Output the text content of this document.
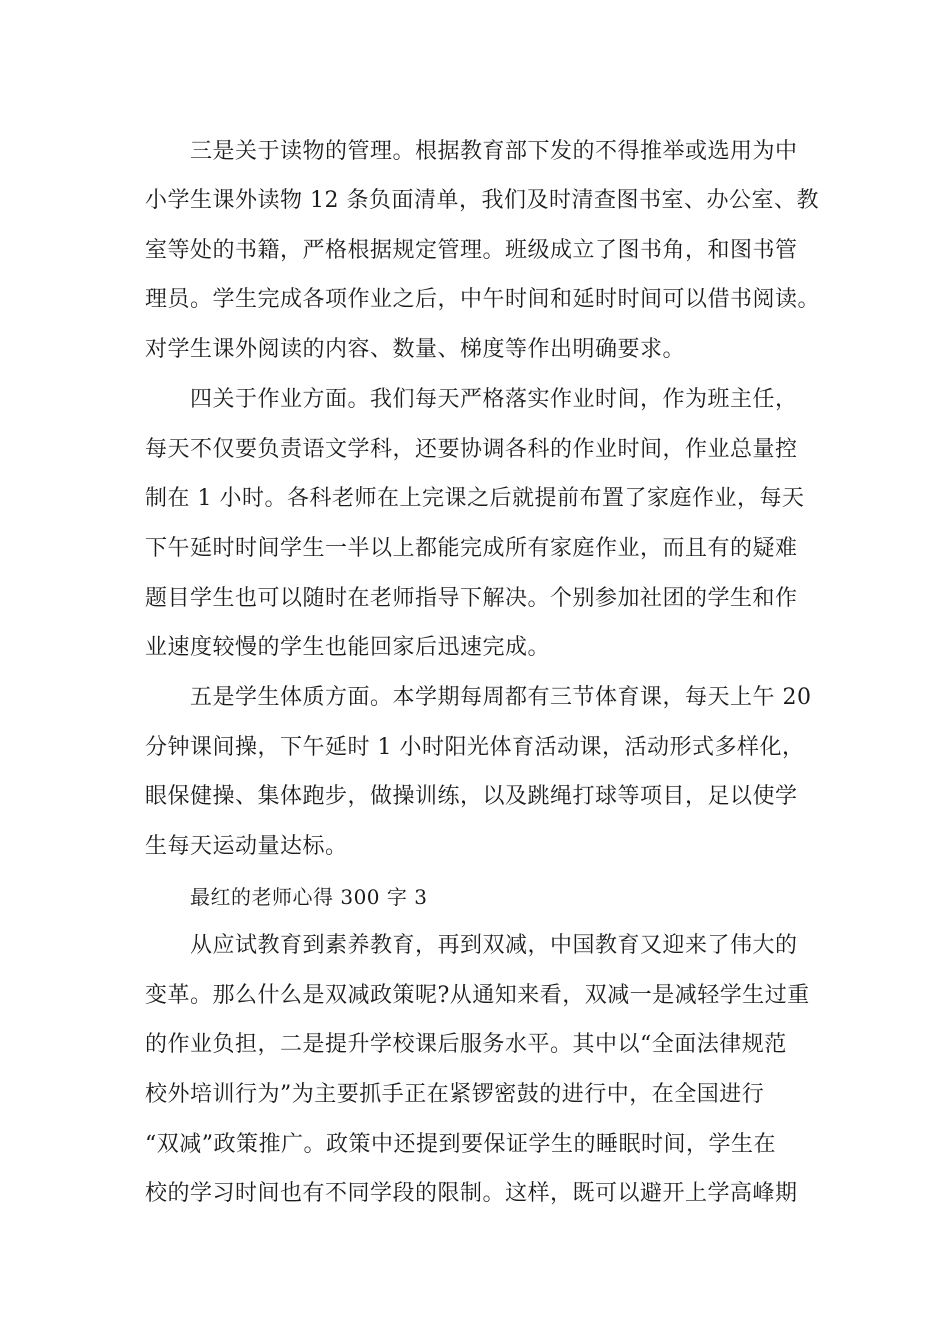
三是关于读物的管理。根据教育部下发的不得推举或选用为中
小学生课外读物 12 条负面清单，我们及时清查图书室、办公室、教
室等处的书籍，严格根据规定管理。班级成立了图书角，和图书管
理员。学生完成各项作业之后，中午时间和延时时间可以借书阅读。
对学生课外阅读的内容、数量、梯度等作出明确要求。
四关于作业方面。我们每天严格落实作业时间，作为班主任，
每天不仅要负责语文学科，还要协调各科的作业时间，作业总量控
制在 1 小时。各科老师在上完课之后就提前布置了家庭作业，每天
下午延时时间学生一半以上都能完成所有家庭作业，而且有的疑难
题目学生也可以随时在老师指导下解决。个别参加社团的学生和作
业速度较慢的学生也能回家后迅速完成。
五是学生体质方面。本学期每周都有三节体育课，每天上午 20
分钟课间操，下午延时 1 小时阳光体育活动课，活动形式多样化，
眼保健操、集体跑步，做操训练，以及跳绳打球等项目，足以使学
生每天运动量达标。
最红的老师心得 300 字 3
从应试教育到素养教育，再到双减，中国教育又迎来了伟大的
变革。那么什么是双减政策呢?从通知来看，双减一是减轻学生过重
的作业负担，二是提升学校课后服务水平。其中以“全面法律规范
校外培训行为”为主要抓手正在紧锣密鼓的进行中，在全国进行
“双减”政策推广。政策中还提到要保证学生的睡眠时间，学生在
校的学习时间也有不同学段的限制。这样，既可以避开上学高峰期
